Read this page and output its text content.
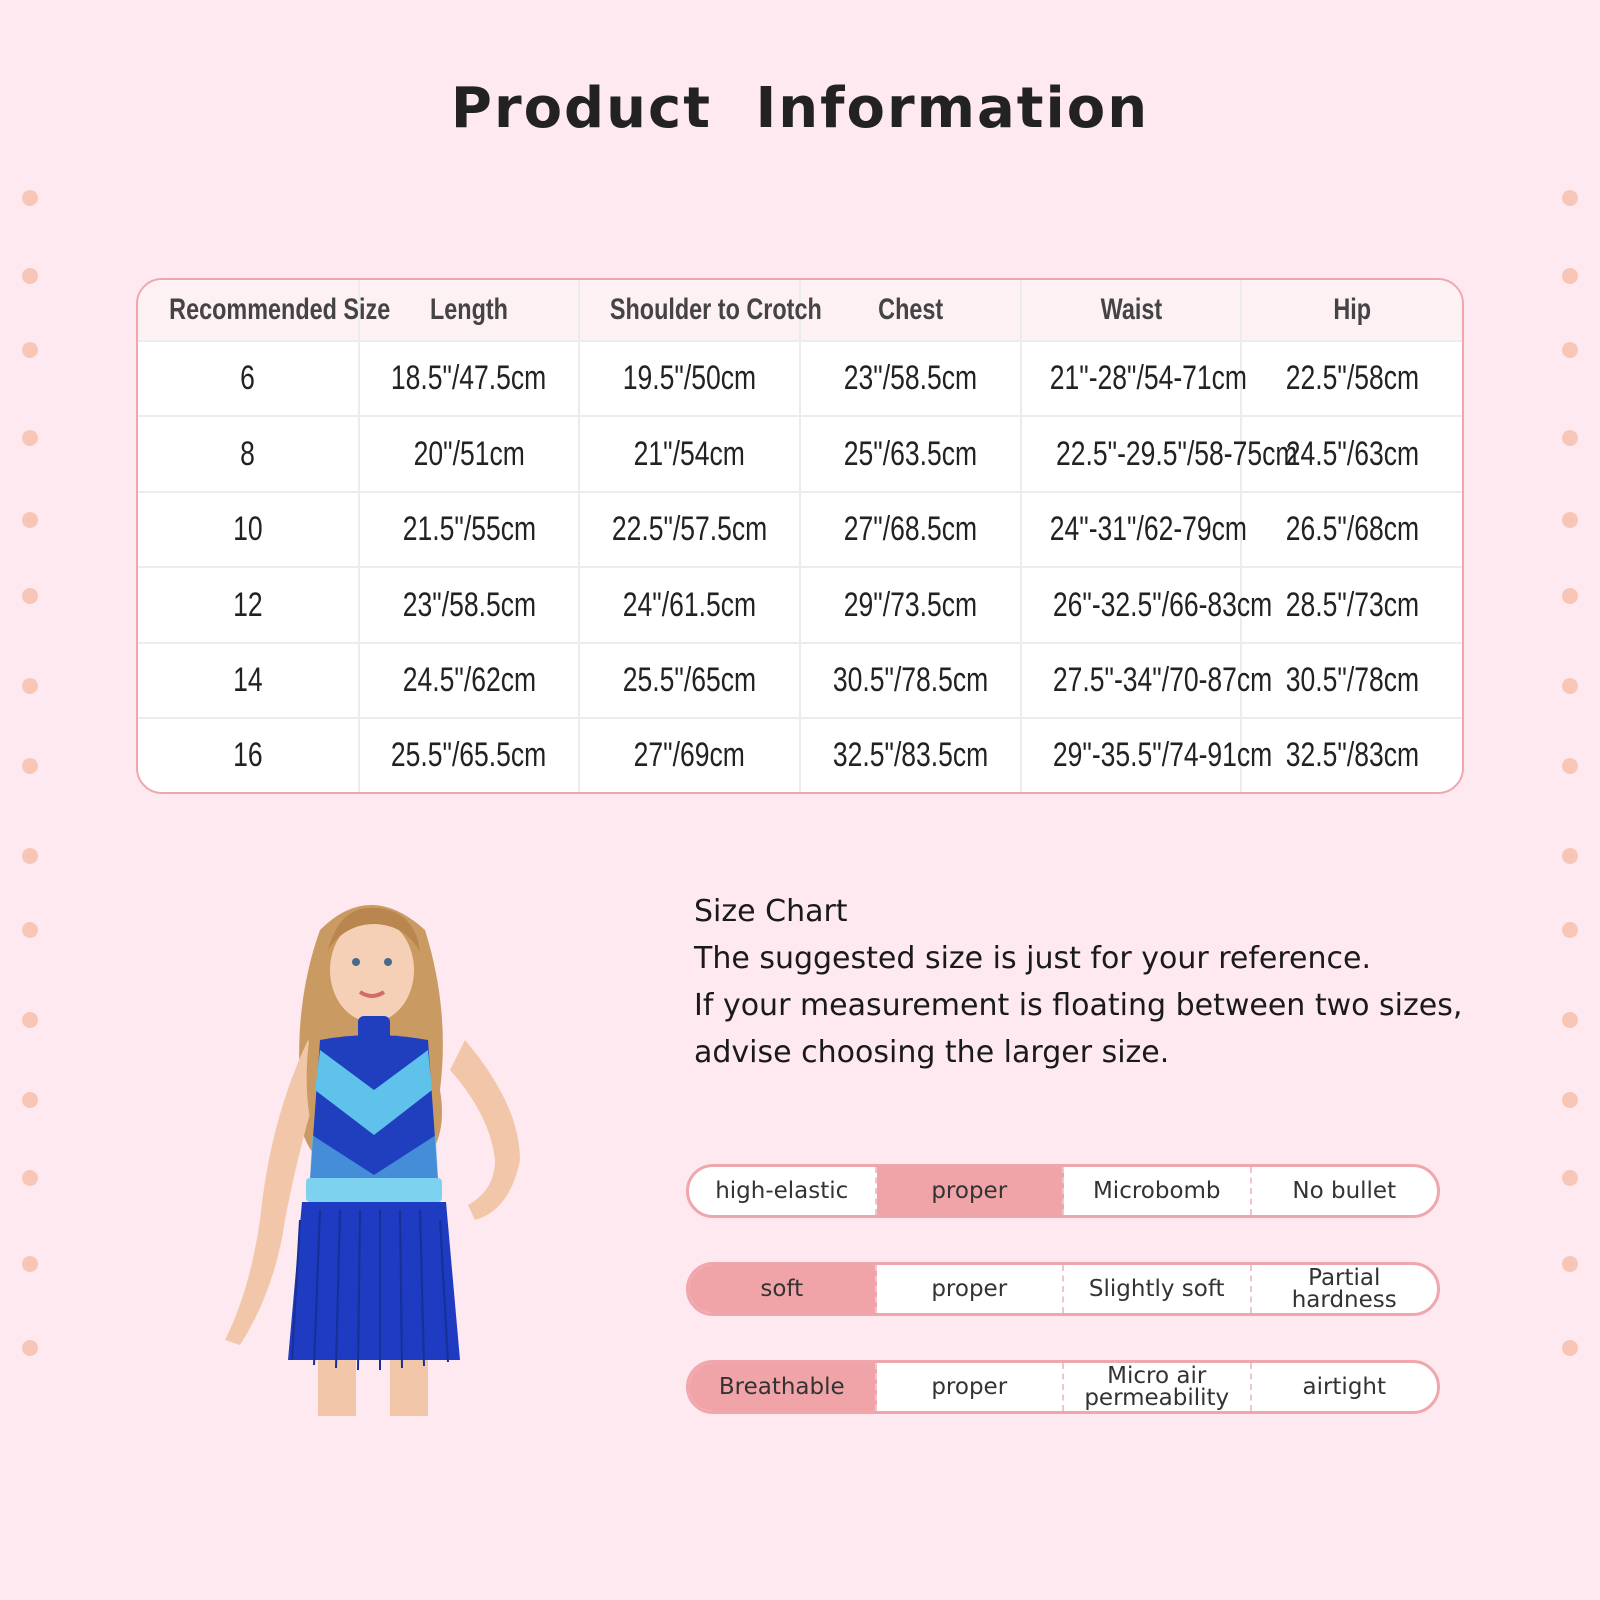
Product Information
Recommended Size	Length	Shoulder to Crotch	Chest	Waist	Hip
6	18.5"/47.5cm	19.5"/50cm	23"/58.5cm	21"-28"/54-71cm	22.5"/58cm
8	20"/51cm	21"/54cm	25"/63.5cm	22.5"-29.5"/58-75cm	24.5"/63cm
10	21.5"/55cm	22.5"/57.5cm	27"/68.5cm	24"-31"/62-79cm	26.5"/68cm
12	23"/58.5cm	24"/61.5cm	29"/73.5cm	26"-32.5"/66-83cm	28.5"/73cm
14	24.5"/62cm	25.5"/65cm	30.5"/78.5cm	27.5"-34"/70-87cm	30.5"/78cm
16	25.5"/65.5cm	27"/69cm	32.5"/83.5cm	29"-35.5"/74-91cm	32.5"/83cm
Size Chart
The suggested size is just for your reference.
If your measurement is floating between two sizes,
advise choosing the larger size.
high-elastic	proper	Microbomb	No bullet
soft	proper	Slightly soft	Partial hardness
Breathable	proper	Micro air permeability	airtight
